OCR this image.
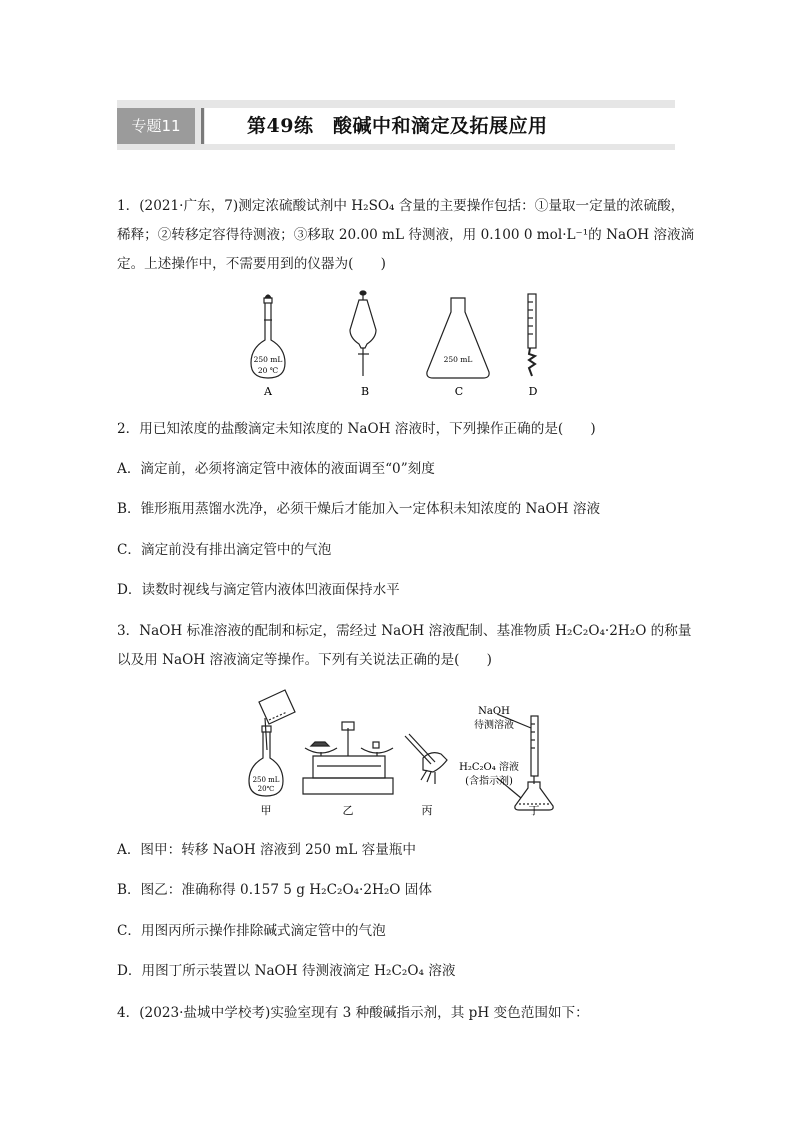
专题11	第49练　酸碱中和滴定及拓展应用
1．(2021·广东，7)测定浓硫酸试剂中 H₂SO₄ 含量的主要操作包括：①量取一定量的浓硫酸，
稀释；②转移定容得待测液；③移取 20.00 mL 待测液，用 0.100 0 mol·L⁻¹的 NaOH 溶液滴
定。上述操作中，不需要用到的仪器为(　　)
250 mL
20 ℃
250 mL
A	B	C	D
2．用已知浓度的盐酸滴定未知浓度的 NaOH 溶液时，下列操作正确的是(　　)
A．滴定前，必须将滴定管中液体的液面调至“0”刻度
B．锥形瓶用蒸馏水洗净，必须干燥后才能加入一定体积未知浓度的 NaOH 溶液
C．滴定前没有排出滴定管中的气泡
D．读数时视线与滴定管内液体凹液面保持水平
3．NaOH 标准溶液的配制和标定，需经过 NaOH 溶液配制、基准物质 H₂C₂O₄·2H₂O 的称量
以及用 NaOH 溶液滴定等操作。下列有关说法正确的是(　　)
250 mL
20℃
NaOH
待测溶液
H₂C₂O₄ 溶液
(含指示剂)
甲	乙	丙	丁
A．图甲：转移 NaOH 溶液到 250 mL 容量瓶中
B．图乙：准确称得 0.157 5 g H₂C₂O₄·2H₂O 固体
C．用图丙所示操作排除碱式滴定管中的气泡
D．用图丁所示装置以 NaOH 待测液滴定 H₂C₂O₄ 溶液
4．(2023·盐城中学校考)实验室现有 3 种酸碱指示剂，其 pH 变色范围如下：
